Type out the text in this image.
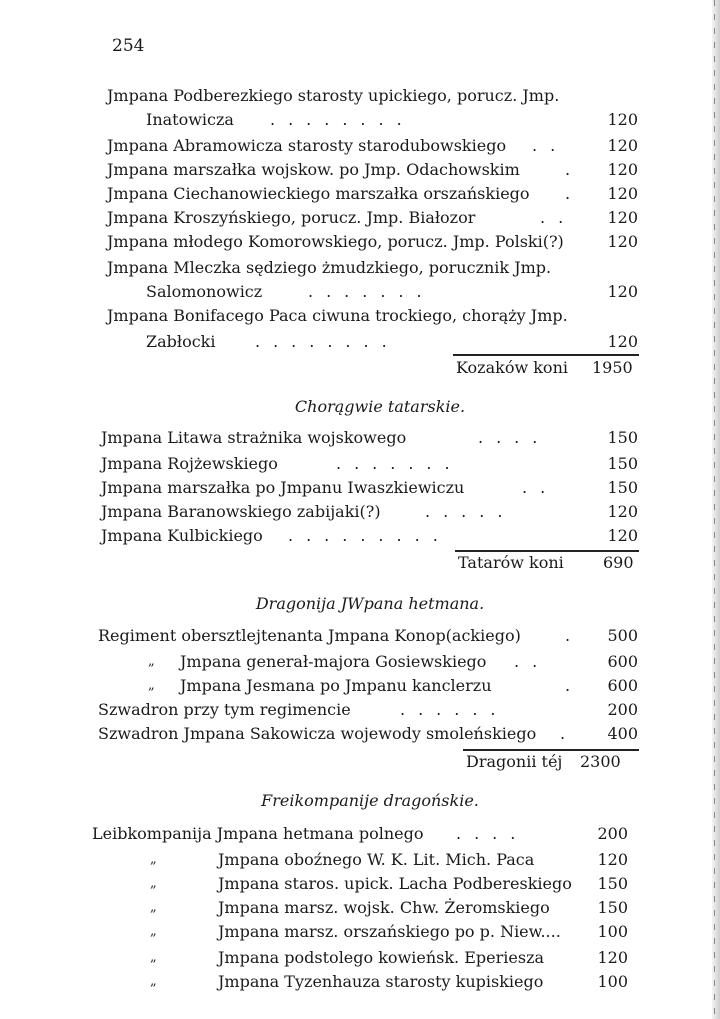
254
Jmpana Podberezkiego starosty upickiego, porucz. Jmp.
Inatowicza ........	120
Jmpana Abramowicza starosty starodubowskiego .. 120
Jmpana marszałka wojskow. po Jmp. Odachowskim	. 120
Jmpana Ciechanowieckiego marszałka orszańskiego . 120
Jmpana Kroszyńskiego, porucz. Jmp. Białozor	.. 120
Jmpana młodego Komorowskiego, porucz. Jmp. Polski(?)	120
Jmpana Mleczka sędziego żmudzkiego, porucznik Jmp.
Salomonowicz	.......	120
Jmpana Bonifacego Paca ciwuna trockiego, chorąży Jmp.
Zabłocki ........	120
Kozaków koni 1950
Chorągwie tatarskie.
Jmpana Litawa strażnika wojskowego	....	150
Jmpana Rojżewskiego	.......	150
Jmpana marszałka po Jmpanu Iwaszkiewiczu	..	150
Jmpana Baranowskiego zabijaki(?)	.....	120
Jmpana Kulbickiego .........	120
Tatarów koni 690
Dragonija JWpana hetmana.
Regiment obersztlejtenanta Jmpana Konop(ackiego)	. 500
„ Jmpana generał-majora Gosiewskiego ..	600
„ Jmpana Jesmana po Jmpanu kanclerzu	. 600
Szwadron przy tym regimencie	......	200
Szwadron Jmpana Sakowicza wojewody smoleńskiego . 400
Dragonii téj 2300
Freikompanije dragońskie.
Leibkompanija Jmpana hetmana polnego ....	200
„	Jmpana oboźnego W. K. Lit. Mich. Paca	120
„	Jmpana staros. upick. Lacha Podbereskiego 150
„	Jmpana marsz. wojsk. Chw. Żeromskiego	150
„	Jmpana marsz. orszańskiego po p. Niew.... 100
„	Jmpana podstolego kowieńsk. Eperiesza	120
„	Jmpana Tyzenhauza starosty kupiskiego	100
